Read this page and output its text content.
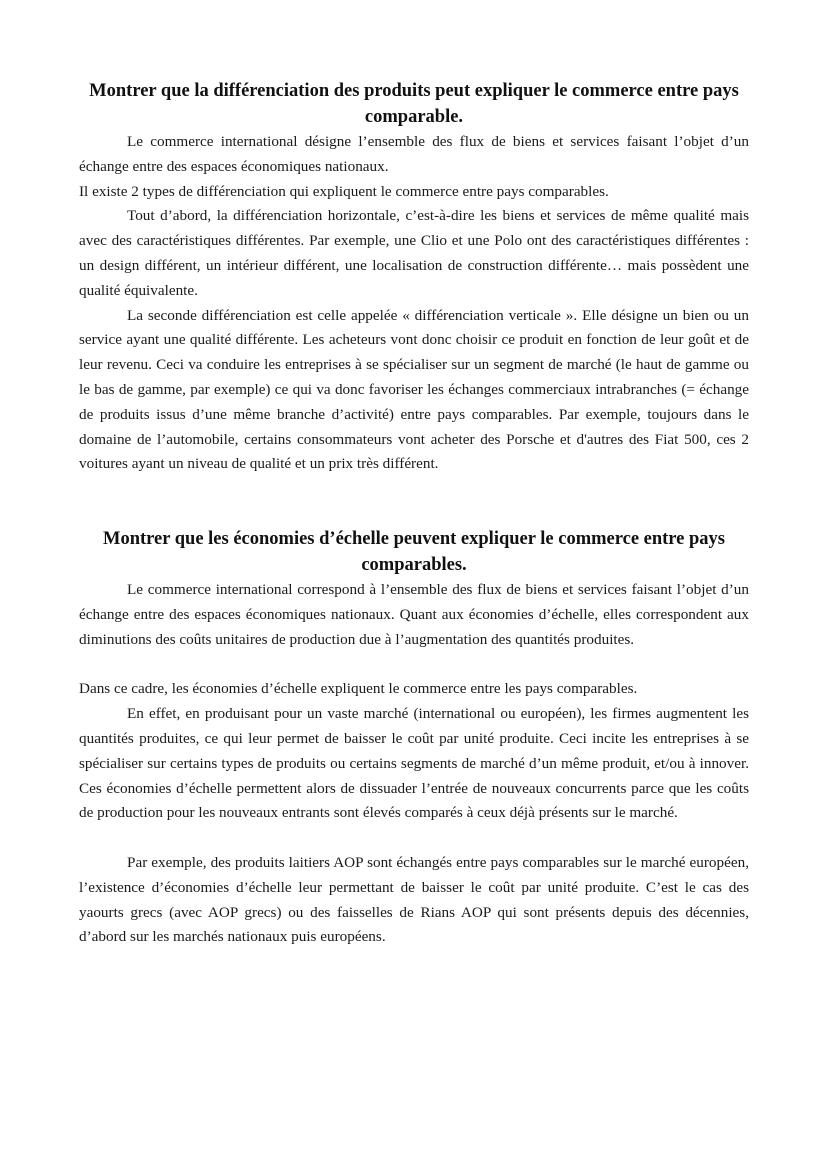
Montrer que la différenciation des produits peut expliquer le commerce entre pays comparable.

Le commerce international désigne l’ensemble des flux de biens et services faisant l’objet d’un échange entre des espaces économiques nationaux.

Il existe 2 types de différenciation qui expliquent le commerce entre pays comparables.

Tout d’abord, la différenciation horizontale, c’est-à-dire les biens et services de même qualité mais avec des caractéristiques différentes. Par exemple, une Clio et une Polo ont des caractéristiques différentes : un design différent, un intérieur différent, une localisation de construction différente… mais possèdent une qualité équivalente.

La seconde différenciation est celle appelée « différenciation verticale ». Elle désigne un bien ou un service ayant une qualité différente. Les acheteurs vont donc choisir ce produit en fonction de leur goût et de leur revenu. Ceci va conduire les entreprises à se spécialiser sur un segment de marché (le haut de gamme ou le bas de gamme, par exemple) ce qui va donc favoriser les échanges commerciaux intrabranches (= échange de produits issus d’une même branche d’activité) entre pays comparables. Par exemple, toujours dans le domaine de l’automobile, certains consommateurs vont acheter des Porsche et d'autres des Fiat 500, ces 2 voitures ayant un niveau de qualité et un prix très différent.

Montrer que les économies d’échelle peuvent expliquer le commerce entre pays comparables.

Le commerce international correspond à l’ensemble des flux de biens et services faisant l’objet d’un échange entre des espaces économiques nationaux. Quant aux économies d’échelle, elles correspondent aux diminutions des coûts unitaires de production due à l’augmentation des quantités produites.

Dans ce cadre, les économies d’échelle expliquent le commerce entre les pays comparables.

En effet, en produisant pour un vaste marché (international ou européen), les firmes augmentent les quantités produites, ce qui leur permet de baisser le coût par unité produite. Ceci incite les entreprises à se spécialiser sur certains types de produits ou certains segments de marché d’un même produit, et/ou à innover. Ces économies d’échelle permettent alors de dissuader l’entrée de nouveaux concurrents parce que les coûts de production pour les nouveaux entrants sont élevés comparés à ceux déjà présents sur le marché.

Par exemple, des produits laitiers AOP sont échangés entre pays comparables sur le marché européen, l’existence d’économies d’échelle leur permettant de baisser le coût par unité produite. C’est le cas des yaourts grecs (avec AOP grecs) ou des faisselles de Rians AOP qui sont présents depuis des décennies, d’abord sur les marchés nationaux puis européens.
